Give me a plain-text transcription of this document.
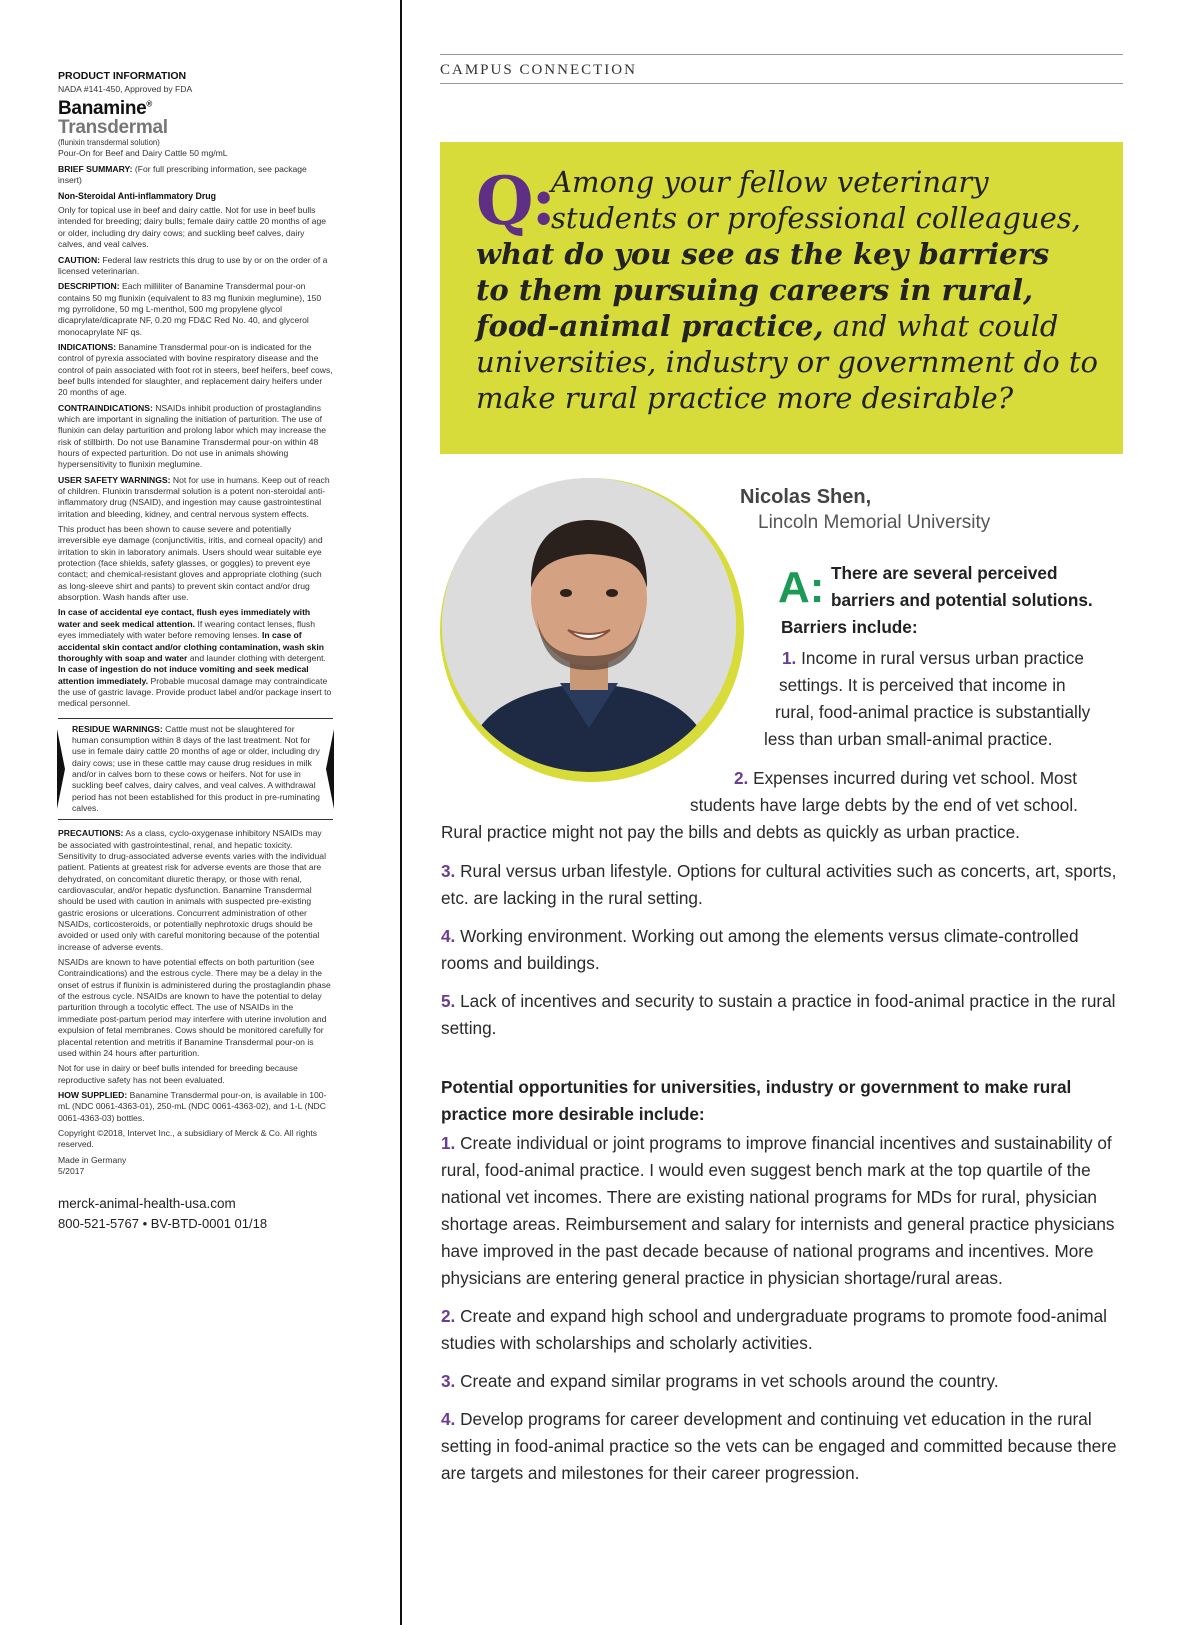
PRODUCT INFORMATION
NADA #141-450, Approved by FDA
Banamine®
Transdermal
(flunixin transdermal solution)

Pour-On for Beef and Dairy Cattle 50 mg/mL

BRIEF SUMMARY: (For full prescribing information, see package insert)

Non-Steroidal Anti-inflammatory Drug

Only for topical use in beef and dairy cattle. Not for use in beef bulls intended for breeding; dairy bulls; female dairy cattle 20 months of age or older, including dry dairy cows; and suckling beef calves, dairy calves, and veal calves.

CAUTION: Federal law restricts this drug to use by or on the order of a licensed veterinarian.

DESCRIPTION: Each milliliter of Banamine Transdermal pour-on contains 50 mg flunixin (equivalent to 83 mg flunixin meglumine), 150 mg pyrrolidone, 50 mg L-menthol, 500 mg propylene glycol dicaprylate/dicaprate NF, 0.20 mg FD&C Red No. 40, and glycerol monocaprylate NF qs.

INDICATIONS: Banamine Transdermal pour-on is indicated for the control of pyrexia associated with bovine respiratory disease and the control of pain associated with foot rot in steers, beef heifers, beef cows, beef bulls intended for slaughter, and replacement dairy heifers under 20 months of age.

CONTRAINDICATIONS: NSAIDs inhibit production of prostaglandins which are important in signaling the initiation of parturition. The use of flunixin can delay parturition and prolong labor which may increase the risk of stillbirth. Do not use Banamine Transdermal pour-on within 48 hours of expected parturition. Do not use in animals showing hypersensitivity to flunixin meglumine.

USER SAFETY WARNINGS: Not for use in humans. Keep out of reach of children. Flunixin transdermal solution is a potent non-steroidal anti-inflammatory drug (NSAID), and ingestion may cause gastrointestinal irritation and bleeding, kidney, and central nervous system effects.

This product has been shown to cause severe and potentially irreversible eye damage (conjunctivitis, iritis, and corneal opacity) and irritation to skin in laboratory animals. Users should wear suitable eye protection (face shields, safety glasses, or goggles) to prevent eye contact; and chemical-resistant gloves and appropriate clothing (such as long-sleeve shirt and pants) to prevent skin contact and/or drug absorption. Wash hands after use.

In case of accidental eye contact, flush eyes immediately with water and seek medical attention. If wearing contact lenses, flush eyes immediately with water before removing lenses. In case of accidental skin contact and/or clothing contamination, wash skin thoroughly with soap and water and launder clothing with detergent. In case of ingestion do not induce vomiting and seek medical attention immediately. Probable mucosal damage may contraindicate the use of gastric lavage. Provide product label and/or package insert to medical personnel.

RESIDUE WARNINGS: Cattle must not be slaughtered for human consumption within 8 days of the last treatment. Not for use in female dairy cattle 20 months of age or older, including dry dairy cows; use in these cattle may cause drug residues in milk and/or in calves born to these cows or heifers. Not for use in suckling beef calves, dairy calves, and veal calves. A withdrawal period has not been established for this product in pre-ruminating calves.

PRECAUTIONS: As a class, cyclo-oxygenase inhibitory NSAIDs may be associated with gastrointestinal, renal, and hepatic toxicity. Sensitivity to drug-associated adverse events varies with the individual patient. Patients at greatest risk for adverse events are those that are dehydrated, on concomitant diuretic therapy, or those with renal, cardiovascular, and/or hepatic dysfunction. Banamine Transdermal should be used with caution in animals with suspected pre-existing gastric erosions or ulcerations. Concurrent administration of other NSAIDs, corticosteroids, or potentially nephrotoxic drugs should be avoided or used only with careful monitoring because of the potential increase of adverse events.

NSAIDs are known to have potential effects on both parturition (see Contraindications) and the estrous cycle. There may be a delay in the onset of estrus if flunixin is administered during the prostaglandin phase of the estrous cycle. NSAIDs are known to have the potential to delay parturition through a tocolytic effect. The use of NSAIDs in the immediate post-partum period may interfere with uterine involution and expulsion of fetal membranes. Cows should be monitored carefully for placental retention and metritis if Banamine Transdermal pour-on is used within 24 hours after parturition.

Not for use in dairy or beef bulls intended for breeding because reproductive safety has not been evaluated.

HOW SUPPLIED: Banamine Transdermal pour-on, is available in 100-mL (NDC 0061-4363-01), 250-mL (NDC 0061-4363-02), and 1-L (NDC 0061-4363-03) bottles.

Copyright ©2018, Intervet Inc., a subsidiary of Merck & Co. All rights reserved.

Made in Germany
5/2017
merck-animal-health-usa.com
800-521-5767 • BV-BTD-0001 01/18
CAMPUS CONNECTION
Q:
Among your fellow veterinary
students or professional colleagues,
what do you see as the key barriers
to them pursuing careers in rural,
food-animal practice, and what could
universities, industry or government do to
make rural practice more desirable?
Nicolas Shen,
Lincoln Memorial University
A: There are several perceived
barriers and potential solutions.
Barriers include:
1. Income in rural versus urban practice
settings. It is perceived that income in
rural, food-animal practice is substantially
less than urban small-animal practice.
2. Expenses incurred during vet school. Most
students have large debts by the end of vet school.
Rural practice might not pay the bills and debts as quickly as urban practice.

3. Rural versus urban lifestyle. Options for cultural activities such as concerts, art, sports, etc. are lacking in the rural setting.

4. Working environment. Working out among the elements versus climate-controlled rooms and buildings.

5. Lack of incentives and security to sustain a practice in food-animal practice in the rural setting.

Potential opportunities for universities, industry or government to make rural practice more desirable include:

1. Create individual or joint programs to improve financial incentives and sustainability of rural, food-animal practice. I would even suggest bench mark at the top quartile of the national vet incomes. There are existing national programs for MDs for rural, physician shortage areas. Reimbursement and salary for internists and general practice physicians have improved in the past decade because of national programs and incentives. More physicians are entering general practice in physician shortage/rural areas.

2. Create and expand high school and undergraduate programs to promote food-animal studies with scholarships and scholarly activities.

3. Create and expand similar programs in vet schools around the country.

4. Develop programs for career development and continuing vet education in the rural setting in food-animal practice so the vets can be engaged and committed because there are targets and milestones for their career progression.
